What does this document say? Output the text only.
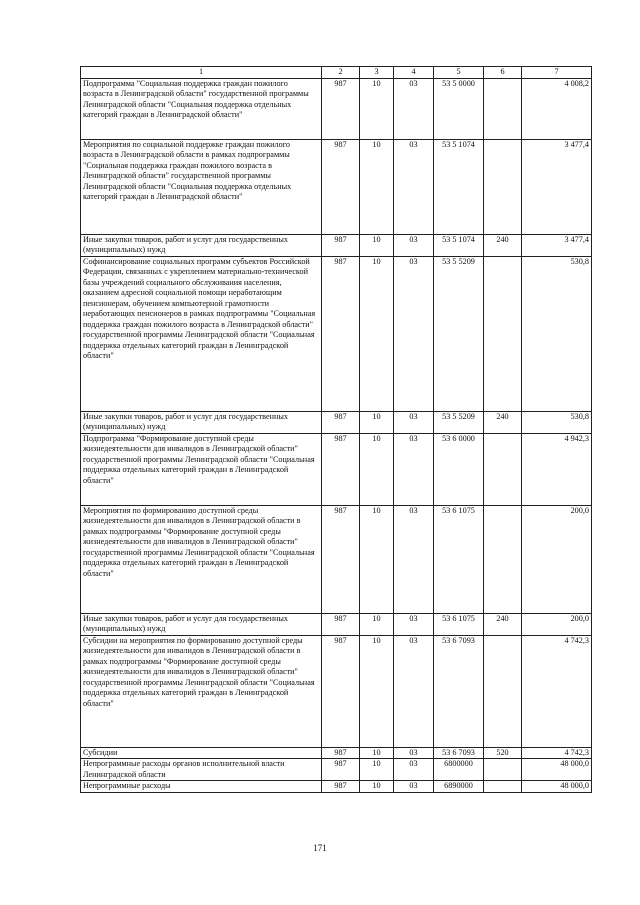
1	2	3	4	5	6	7
Подпрограмма "Социальная поддержка граждан пожилого возраста в Ленинградской области" государственной программы Ленинградской области "Социальная поддержка отдельных категорий граждан в Ленинградской области"	987	10	03	53 5 0000		4 008,2
Мероприятия по социальной поддержке граждан пожилого возраста в Ленинградской области в рамках подпрограммы "Социальная поддержка граждан пожилого возраста в Ленинградской области" государственной программы Ленинградской области "Социальная поддержка отдельных категорий граждан в Ленинградской области"	987	10	03	53 5 1074		3 477,4
Иные закупки товаров, работ и услуг для государственных (муниципальных) нужд	987	10	03	53 5 1074	240	3 477,4
Софинансирование социальных программ субъектов Российской Федерации, связанных с укреплением материально-технической базы учреждений социального обслуживания населения, оказанием адресной социальной помощи неработающим пенсионерам, обучением компьютерной грамотности неработающих пенсионеров в рамках подпрограммы "Социальная поддержка граждан пожилого возраста в Ленинградской области" государственной программы Ленинградской области "Социальная поддержка отдельных категорий граждан в Ленинградской области"	987	10	03	53 5 5209		530,8
Иные закупки товаров, работ и услуг для государственных (муниципальных) нужд	987	10	03	53 5 5209	240	530,8
Подпрограмма "Формирование доступной среды жизнедеятельности для инвалидов в Ленинградской области" государственной программы Ленинградской области "Социальная поддержка отдельных категорий граждан в Ленинградской области"	987	10	03	53 6 0000		4 942,3
Мероприятия по формированию доступной среды жизнедеятельности для инвалидов в Ленинградской области в рамках подпрограммы "Формирование доступной среды жизнедеятельности для инвалидов в Ленинградской области" государственной программы Ленинградской области "Социальная поддержка отдельных категорий граждан в Ленинградской области"	987	10	03	53 6 1075		200,0
Иные закупки товаров, работ и услуг для государственных (муниципальных) нужд	987	10	03	53 6 1075	240	200,0
Субсидии на мероприятия по формированию доступной среды жизнедеятельности для инвалидов в Ленинградской области в рамках подпрограммы "Формирование доступной среды жизнедеятельности для инвалидов в Ленинградской области" государственной программы Ленинградской области "Социальная поддержка отдельных категорий граждан в Ленинградской области"	987	10	03	53 6 7093		4 742,3
Субсидии	987	10	03	53 6 7093	520	4 742,3
Непрограммные расходы органов исполнительной власти Ленинградской области	987	10	03	6800000		48 000,0
Непрограммные расходы	987	10	03	6890000		48 000,0
171
